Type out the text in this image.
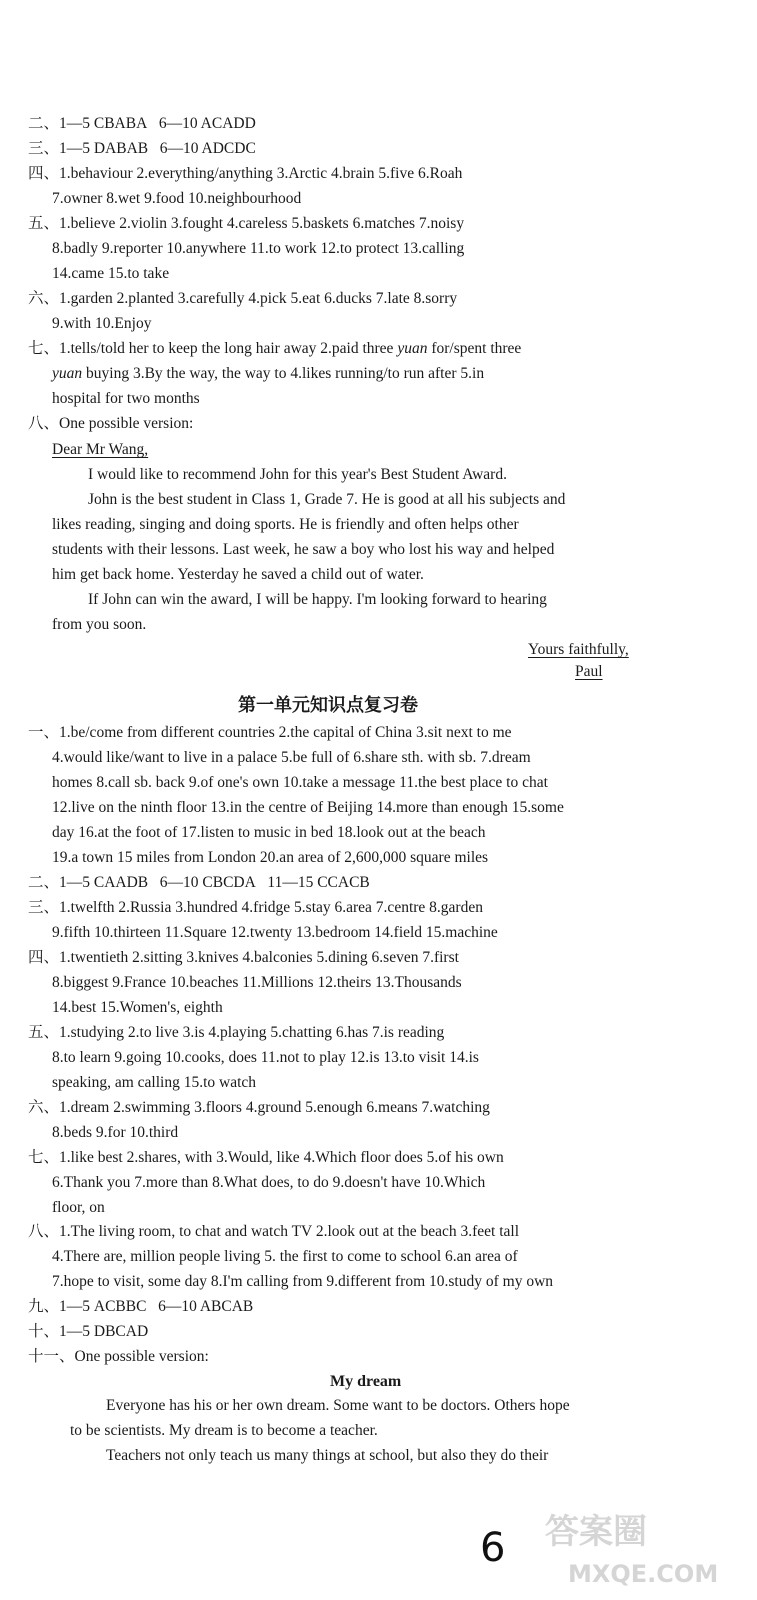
二、1—5 CBABA 6—10 ACADD
三、1—5 DABAB 6—10 ADCDC
四、1.behaviour 2.everything/anything 3.Arctic 4.brain 5.five 6.Roah
7.owner 8.wet 9.food 10.neighbourhood
五、1.believe 2.violin 3.fought 4.careless 5.baskets 6.matches 7.noisy
8.badly 9.reporter 10.anywhere 11.to work 12.to protect 13.calling
14.came 15.to take
六、1.garden 2.planted 3.carefully 4.pick 5.eat 6.ducks 7.late 8.sorry
9.with 10.Enjoy
七、1.tells/told her to keep the long hair away 2.paid three yuan for/spent three
yuan buying 3.By the way, the way to 4.likes running/to run after 5.in
hospital for two months
八、One possible version:
Dear Mr Wang,
I would like to recommend John for this year's Best Student Award.
John is the best student in Class 1, Grade 7. He is good at all his subjects and
likes reading, singing and doing sports. He is friendly and often helps other
students with their lessons. Last week, he saw a boy who lost his way and helped
him get back home. Yesterday he saved a child out of water.
If John can win the award, I will be happy. I'm looking forward to hearing
from you soon.
Yours faithfully,
Paul
第一单元知识点复习卷
一、1.be/come from different countries 2.the capital of China 3.sit next to me
4.would like/want to live in a palace 5.be full of 6.share sth. with sb. 7.dream
homes 8.call sb. back 9.of one's own 10.take a message 11.the best place to chat
12.live on the ninth floor 13.in the centre of Beijing 14.more than enough 15.some
day 16.at the foot of 17.listen to music in bed 18.look out at the beach
19.a town 15 miles from London 20.an area of 2,600,000 square miles
二、1—5 CAADB 6—10 CBCDA 11—15 CCACB
三、1.twelfth 2.Russia 3.hundred 4.fridge 5.stay 6.area 7.centre 8.garden
9.fifth 10.thirteen 11.Square 12.twenty 13.bedroom 14.field 15.machine
四、1.twentieth 2.sitting 3.knives 4.balconies 5.dining 6.seven 7.first
8.biggest 9.France 10.beaches 11.Millions 12.theirs 13.Thousands
14.best 15.Women's, eighth
五、1.studying 2.to live 3.is 4.playing 5.chatting 6.has 7.is reading
8.to learn 9.going 10.cooks, does 11.not to play 12.is 13.to visit 14.is
speaking, am calling 15.to watch
六、1.dream 2.swimming 3.floors 4.ground 5.enough 6.means 7.watching
8.beds 9.for 10.third
七、1.like best 2.shares, with 3.Would, like 4.Which floor does 5.of his own
6.Thank you 7.more than 8.What does, to do 9.doesn't have 10.Which
floor, on
八、1.The living room, to chat and watch TV 2.look out at the beach 3.feet tall
4.There are, million people living 5. the first to come to school 6.an area of
7.hope to visit, some day 8.I'm calling from 9.different from 10.study of my own
九、1—5 ACBBC 6—10 ABCAB
十、1—5 DBCAD
十一、One possible version:
My dream
Everyone has his or her own dream. Some want to be doctors. Others hope
to be scientists. My dream is to become a teacher.
Teachers not only teach us many things at school, but also they do their
6 答案圈
MXQE.COM
